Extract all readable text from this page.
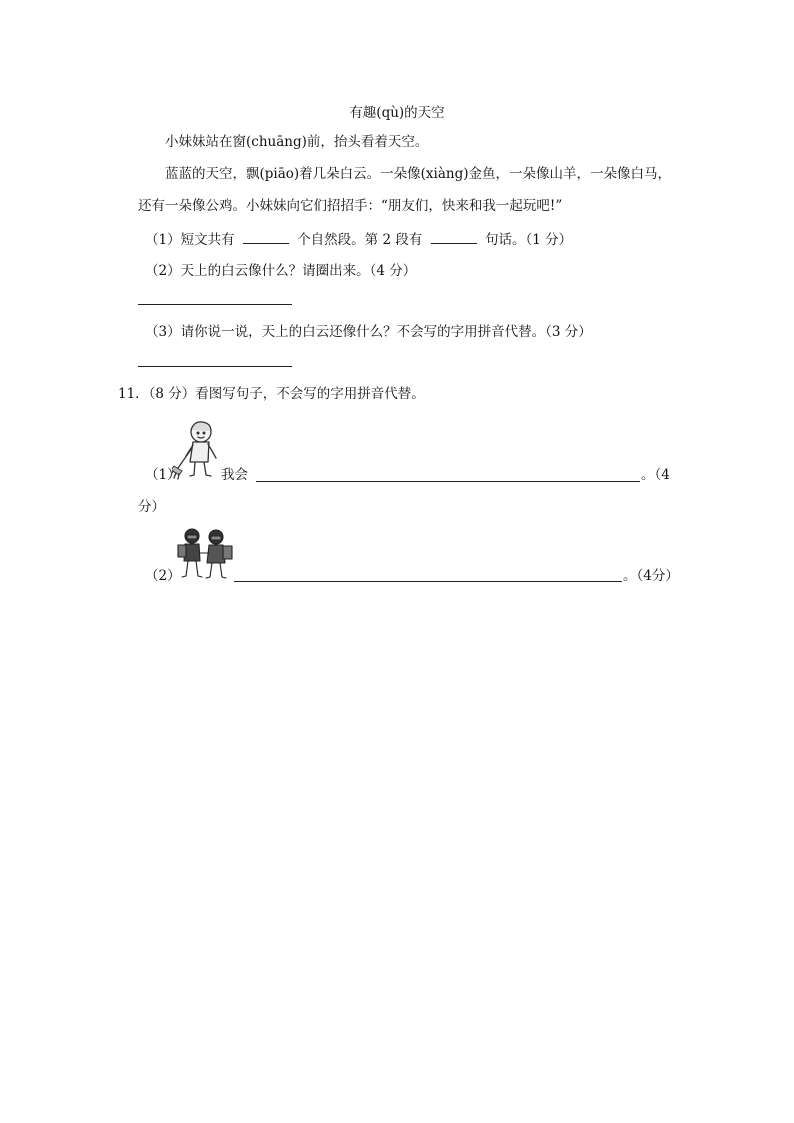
有趣(qù)的天空
小妹妹站在窗(chuāng)前，抬头看着天空。
蓝蓝的天空，飘(piāo)着几朵白云。一朵像(xiàng)金鱼，一朵像山羊，一朵像白马，
还有一朵像公鸡。小妹妹向它们招招手：“朋友们，快来和我一起玩吧!”
（1）短文共有	个自然段。第 2 段有	句话。（1 分）
（2）天上的白云像什么？请圈出来。（4 分）
（3）请你说一说，天上的白云还像什么？不会写的字用拼音代替。（3 分）
11．（8 分）看图写句子，不会写的字用拼音代替。
（1）	我会	。（4
分）
（2）	。（4分）
